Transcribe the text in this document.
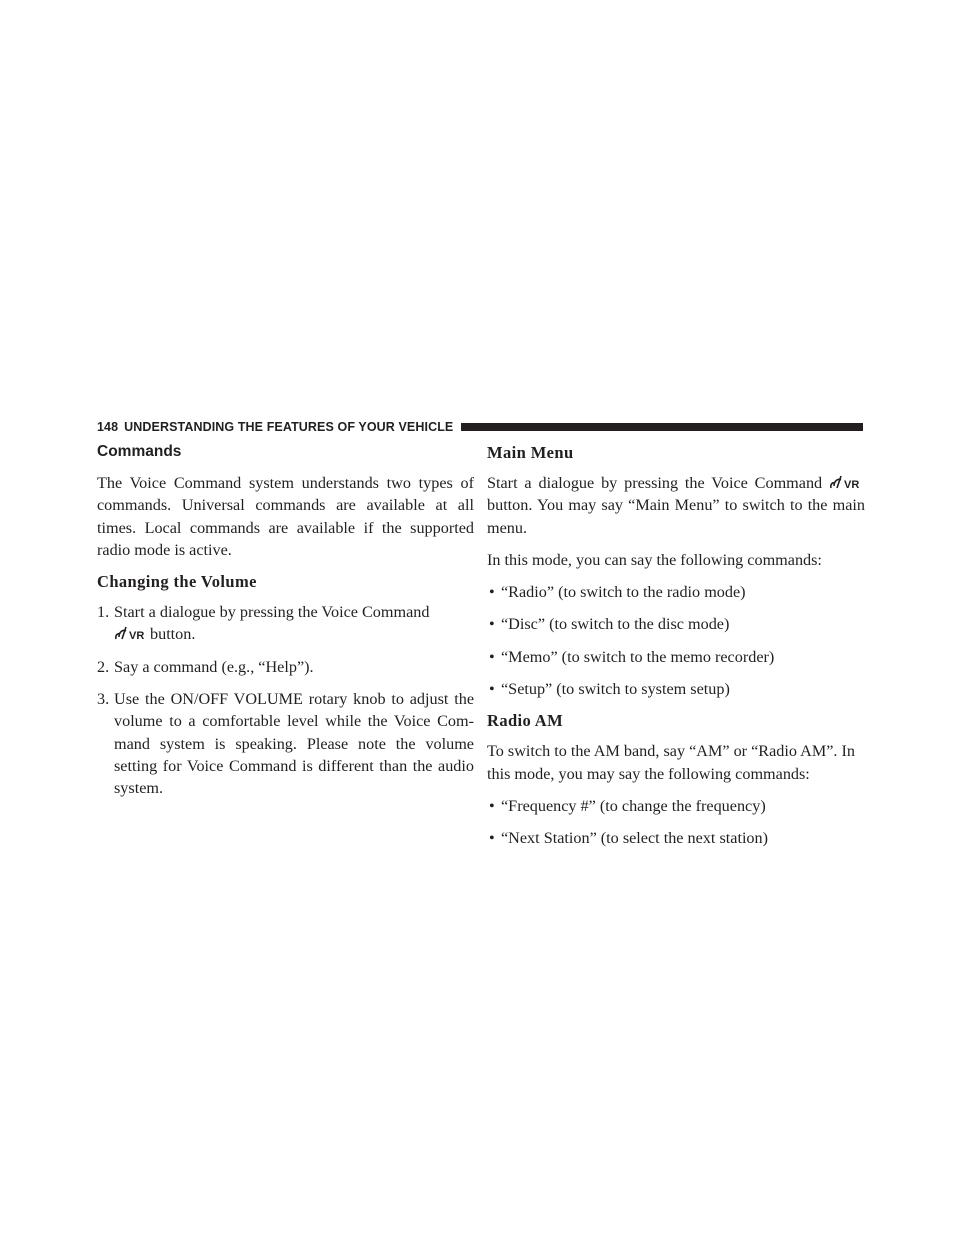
148 UNDERSTANDING THE FEATURES OF YOUR VEHICLE
Commands

The Voice Command system understands two types of commands. Universal commands are available at all times. Local commands are available if the supported radio mode is active.

Changing the Volume
1. Start a dialogue by pressing the Voice Command

VR button.
2. Say a command (e.g., “Help”).
3. Use the ON/OFF VOLUME rotary knob to adjust the volume to a comfortable level while the Voice Command system is speaking. Please note the volume setting for Voice Command is different than the audio system.
Main Menu

Start a dialogue by pressing the Voice Command VR
button. You may say “Main Menu” to switch to the main menu.

In this mode, you can say the following commands:

• “Radio” (to switch to the radio mode)
• “Disc” (to switch to the disc mode)
• “Memo” (to switch to the memo recorder)
• “Setup” (to switch to system setup)
Radio AM

To switch to the AM band, say “AM” or “Radio AM”. In this mode, you may say the following commands:

• “Frequency #” (to change the frequency)
• “Next Station” (to select the next station)
